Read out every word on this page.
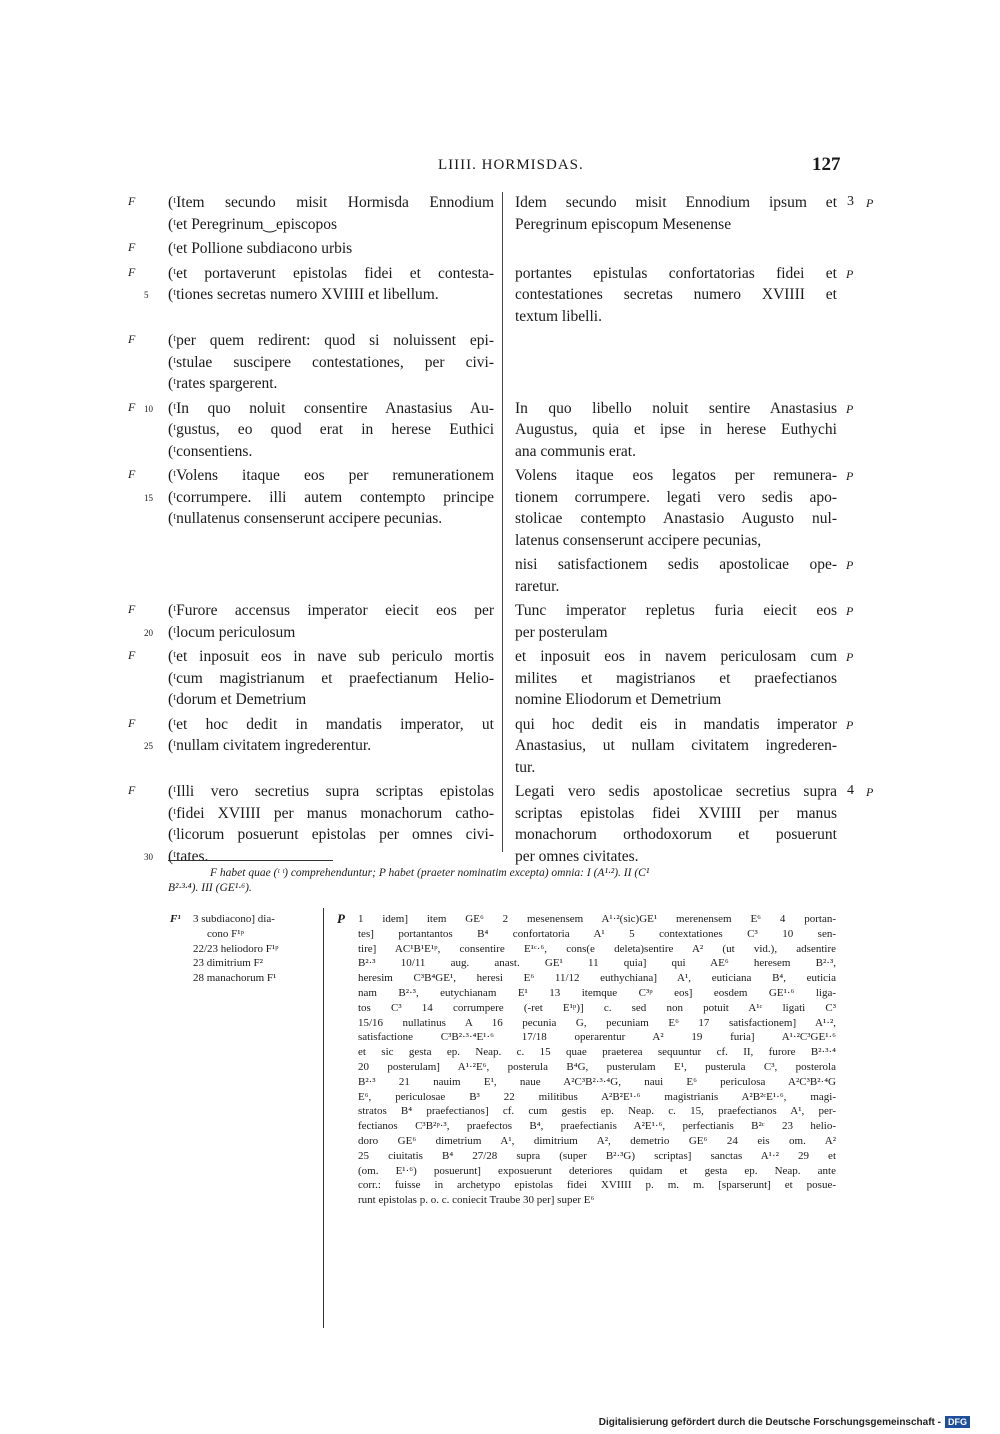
LIIII. HORMISDAS.	127
F (ᵗItem secundo misit Hormisda Ennodium
(ᵗet Peregrinum‿episcopos
Idem secundo misit Ennodium ipsum et
Peregrinum episcopum Mesenense
3 P
F (ᵗet Pollione subdiacono urbis
F
5
(ᵗet portaverunt epistolas fidei et contesta-
(ᵗtiones secretas numero XVIIII et libellum.
portantes epistulas confortatorias fidei et
contestationes secretas numero XVIIII et
textum libelli.
P
F (ᵗper quem redirent: quod si noluissent epi-
(ᵗstulae suscipere contestationes, per civi-
(ᵗrates spargerent.
F 10 (ᵗIn quo noluit consentire Anastasius Au-
(ᵗgustus, eo quod erat in herese Euthici
(ᵗconsentiens.
In quo libello noluit sentire Anastasius
Augustus, quia et ipse in herese Euthychi
ana communis erat.
P
F
15
(ᵗVolens itaque eos per remunerationem
(ᵗcorrumpere. illi autem contempto principe
(ᵗnullatenus consenserunt accipere pecunias.
Volens itaque eos legatos per remunera-
tionem corrumpere. legati vero sedis apo-
stolicae contempto Anastasio Augusto nul-
latenus consenserunt accipere pecunias,
P
nisi satisfactionem sedis apostolicae ope-
raretur.
P
F
20
(ᵗFurore accensus imperator eiecit eos per
(ᵗlocum periculosum
Tunc imperator repletus furia eiecit eos
per posterulam
P
F (ᵗet inposuit eos in nave sub periculo mortis
(ᵗcum magistrianum et praefectianum Helio-
(ᵗdorum et Demetrium
et inposuit eos in navem periculosam cum
milites et magistrianos et praefectianos
nomine Eliodorum et Demetrium
P
F
25
(ᵗet hoc dedit in mandatis imperator, ut
(ᵗnullam civitatem ingrederentur.
qui hoc dedit eis in mandatis imperator
Anastasius, ut nullam civitatem ingrederen-
tur.
P
F
30
(ᵗIlli vero secretius supra scriptas epistolas
(ᵗfidei XVIIII per manus monachorum catho-
(ᵗlicorum posuerunt epistolas per omnes civi-
(ᵗtates.
Legati vero sedis apostolicae secretius supra
scriptas epistolas fidei XVIIII per manus
monachorum orthodoxorum et posuerunt
per omnes civitates.
4 P
F habet quae (ᵗ ᵗ) comprehenduntur; P habet (praeter nominatim excepta) omnia: I (A¹·²). II (C¹
B²·³·⁴). III (GE¹·⁶).
F¹ 3 subdiacono] dia-
cono F¹ᵖ
22/23 heliodoro F¹ᵖ
23 dimitrium F²
28 manachorum F¹
P 1 idem] item GE⁶ 2 mesenensem A¹·²(sic)GE¹ merenensem E⁶ 4 portan-
tes] portantantos B⁴ confortatoria A¹ 5 contextationes C³ 10 sen-
tire] AC¹B¹E¹ᵖ, consentire E¹ᶜ·⁶, cons(e deleta)sentire A² (ut vid.), adsentire
B²·³ 10/11 aug. anast. GE¹ 11 quia] qui AE⁶ heresem B²·³,
heresim C³B⁴GE¹, heresi E⁶ 11/12 euthychiana] A¹, euticiana B⁴, euticia
nam B²·³, eutychianam E¹ 13 itemque C³ᵖ eos] eosdem GE¹·⁶ liga-
tos C³ 14 corrumpere (-ret E¹ᵖ)] c. sed non potuit A¹ᶜ ligati C³
15/16 nullatinus A 16 pecunia G, pecuniam E⁶ 17 satisfactionem] A¹·²,
satisfactione C³B²·³·⁴E¹·⁶ 17/18 operarentur A² 19 furia] A¹·²C³GE¹·⁶
et sic gesta ep. Neap. c. 15 quae praeterea sequuntur cf. II, furore B²·³·⁴
20 posterulam] A¹·²E⁶, posterula B⁴G, pusterulam E¹, pusterula C³, posterola
B²·³ 21 nauim E¹, naue A²C³B²·³·⁴G, naui E⁶ periculosa A²C³B²·⁴G
E⁶, periculosae B³ 22 militibus A²B²E¹·⁶ magistrianis A²B²ᶜE¹·⁶, magi-
stratos B⁴ praefectianos] cf. cum gestis ep. Neap. c. 15, praefectianos A¹, per-
fectianos C³B²ᵖ·³, praefectos B⁴, praefectianis A²E¹·⁶, perfectianis B²ᶜ 23 helio-
doro GE⁶ dimetrium A¹, dimitrium A², demetrio GE⁶ 24 eis om. A²
25 ciuitatis B⁴ 27/28 supra (super B²·³G) scriptas] sanctas A¹·² 29 et
(om. E¹·⁶) posuerunt] exposuerunt deteriores quidam et gesta ep. Neap. ante
corr.: fuisse in archetypo epistolas fidei XVIIII p. m. m. [sparserunt] et posue-
runt epistolas p. o. c. coniecit Traube 30 per] super E⁶
Digitalisierung gefördert durch die Deutsche Forschungsgemeinschaft - DFG
